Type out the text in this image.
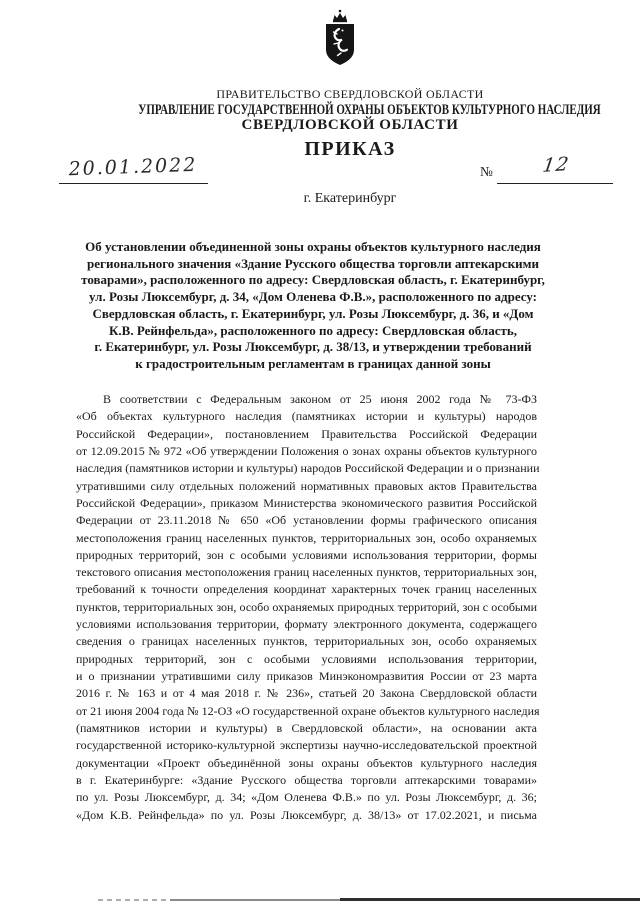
ПРАВИТЕЛЬСТВО СВЕРДЛОВСКОЙ ОБЛАСТИ
УПРАВЛЕНИЕ ГОСУДАРСТВЕННОЙ ОХРАНЫ ОБЪЕКТОВ КУЛЬТУРНОГО НАСЛЕДИЯ
СВЕРДЛОВСКОЙ ОБЛАСТИ
ПРИКАЗ
20.01.2022	№	12
г. Екатеринбург
Об установлении объединенной зоны охраны объектов культурного наследия
регионального значения «Здание Русского общества торговли аптекарскими
товарами», расположенного по адресу: Свердловская область, г. Екатеринбург,
ул. Розы Люксембург, д. 34, «Дом Оленева Ф.В.», расположенного по адресу:
Свердловская область, г. Екатеринбург, ул. Розы Люксембург, д. 36, и «Дом
К.В. Рейнфельда», расположенного по адресу: Свердловская область,
г. Екатеринбург, ул. Розы Люксембург, д. 38/13, и утверждении требований
к градостроительным регламентам в границах данной зоны
В соответствии с Федеральным законом от 25 июня 2002 года № 73-ФЗ
«Об объектах культурного наследия (памятниках истории и культуры) народов
Российской Федерации», постановлением Правительства Российской Федерации
от 12.09.2015 № 972 «Об утверждении Положения о зонах охраны объектов культурного
наследия (памятников истории и культуры) народов Российской Федерации и о признании
утратившими силу отдельных положений нормативных правовых актов Правительства
Российской Федерации», приказом Министерства экономического развития Российской
Федерации от 23.11.2018 № 650 «Об установлении формы графического описания
местоположения границ населенных пунктов, территориальных зон, особо охраняемых
природных территорий, зон с особыми условиями использования территории, формы
текстового описания местоположения границ населенных пунктов, территориальных зон,
требований к точности определения координат характерных точек границ населенных
пунктов, территориальных зон, особо охраняемых природных территорий, зон с особыми
условиями использования территории, формату электронного документа, содержащего
сведения о границах населенных пунктов, территориальных зон, особо охраняемых
природных территорий, зон с особыми условиями использования территории,
и о признании утратившими силу приказов Минэкономразвития России от 23 марта
2016 г. № 163 и от 4 мая 2018 г. № 236», статьей 20 Закона Свердловской области
от 21 июня 2004 года № 12-ОЗ «О государственной охране объектов культурного наследия
(памятников истории и культуры) в Свердловской области», на основании акта
государственной историко-культурной экспертизы научно-исследовательской проектной
документации «Проект объединённой зоны охраны объектов культурного наследия
в г. Екатеринбурге: «Здание Русского общества торговли аптекарскими товарами»
по ул. Розы Люксембург, д. 34; «Дом Оленева Ф.В.» по ул. Розы Люксембург, д. 36;
«Дом К.В. Рейнфельда» по ул. Розы Люксембург, д. 38/13» от 17.02.2021, и письма
